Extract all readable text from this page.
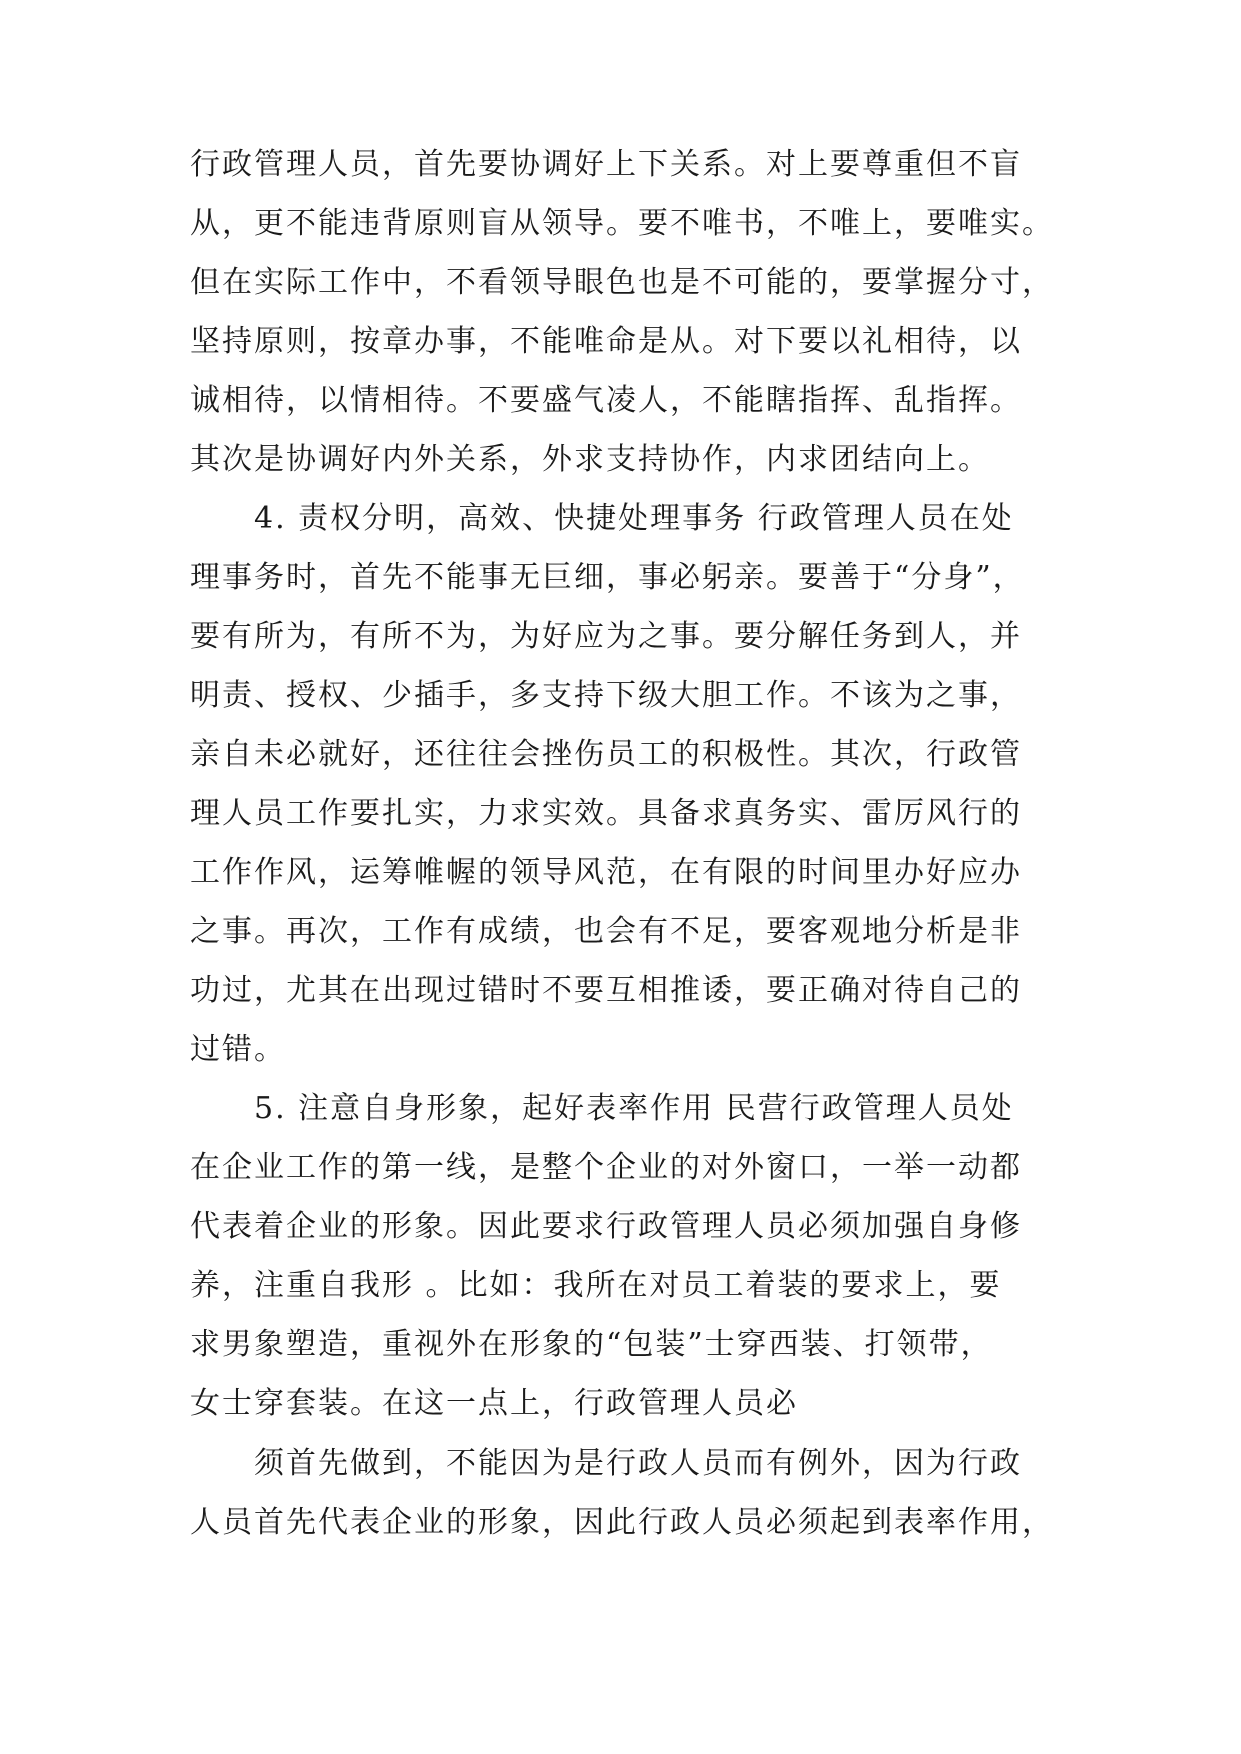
行政管理人员，首先要协调好上下关系。对上要尊重但不盲
从，更不能违背原则盲从领导。要不唯书，不唯上，要唯实。
但在实际工作中，不看领导眼色也是不可能的，要掌握分寸，
坚持原则，按章办事，不能唯命是从。对下要以礼相待，以
诚相待，以情相待。不要盛气凌人，不能瞎指挥、乱指挥。
其次是协调好内外关系，外求支持协作，内求团结向上。
4. 责权分明，高效、快捷处理事务 行政管理人员在处
理事务时，首先不能事无巨细，事必躬亲。要善于“分身”，
要有所为，有所不为，为好应为之事。要分解任务到人，并
明责、授权、少插手，多支持下级大胆工作。不该为之事，
亲自未必就好，还往往会挫伤员工的积极性。其次，行政管
理人员工作要扎实，力求实效。具备求真务实、雷厉风行的
工作作风，运筹帷幄的领导风范，在有限的时间里办好应办
之事。再次，工作有成绩，也会有不足，要客观地分析是非
功过，尤其在出现过错时不要互相推诿，要正确对待自己的
过错。
5. 注意自身形象，起好表率作用 民营行政管理人员处
在企业工作的第一线，是整个企业的对外窗口，一举一动都
代表着企业的形象。因此要求行政管理人员必须加强自身修
养，注重自我形 。比如：我所在对员工着装的要求上，要
求男象塑造，重视外在形象的“包装”士穿西装、打领带，
女士穿套装。在这一点上，行政管理人员必
须首先做到，不能因为是行政人员而有例外，因为行政
人员首先代表企业的形象，因此行政人员必须起到表率作用，
